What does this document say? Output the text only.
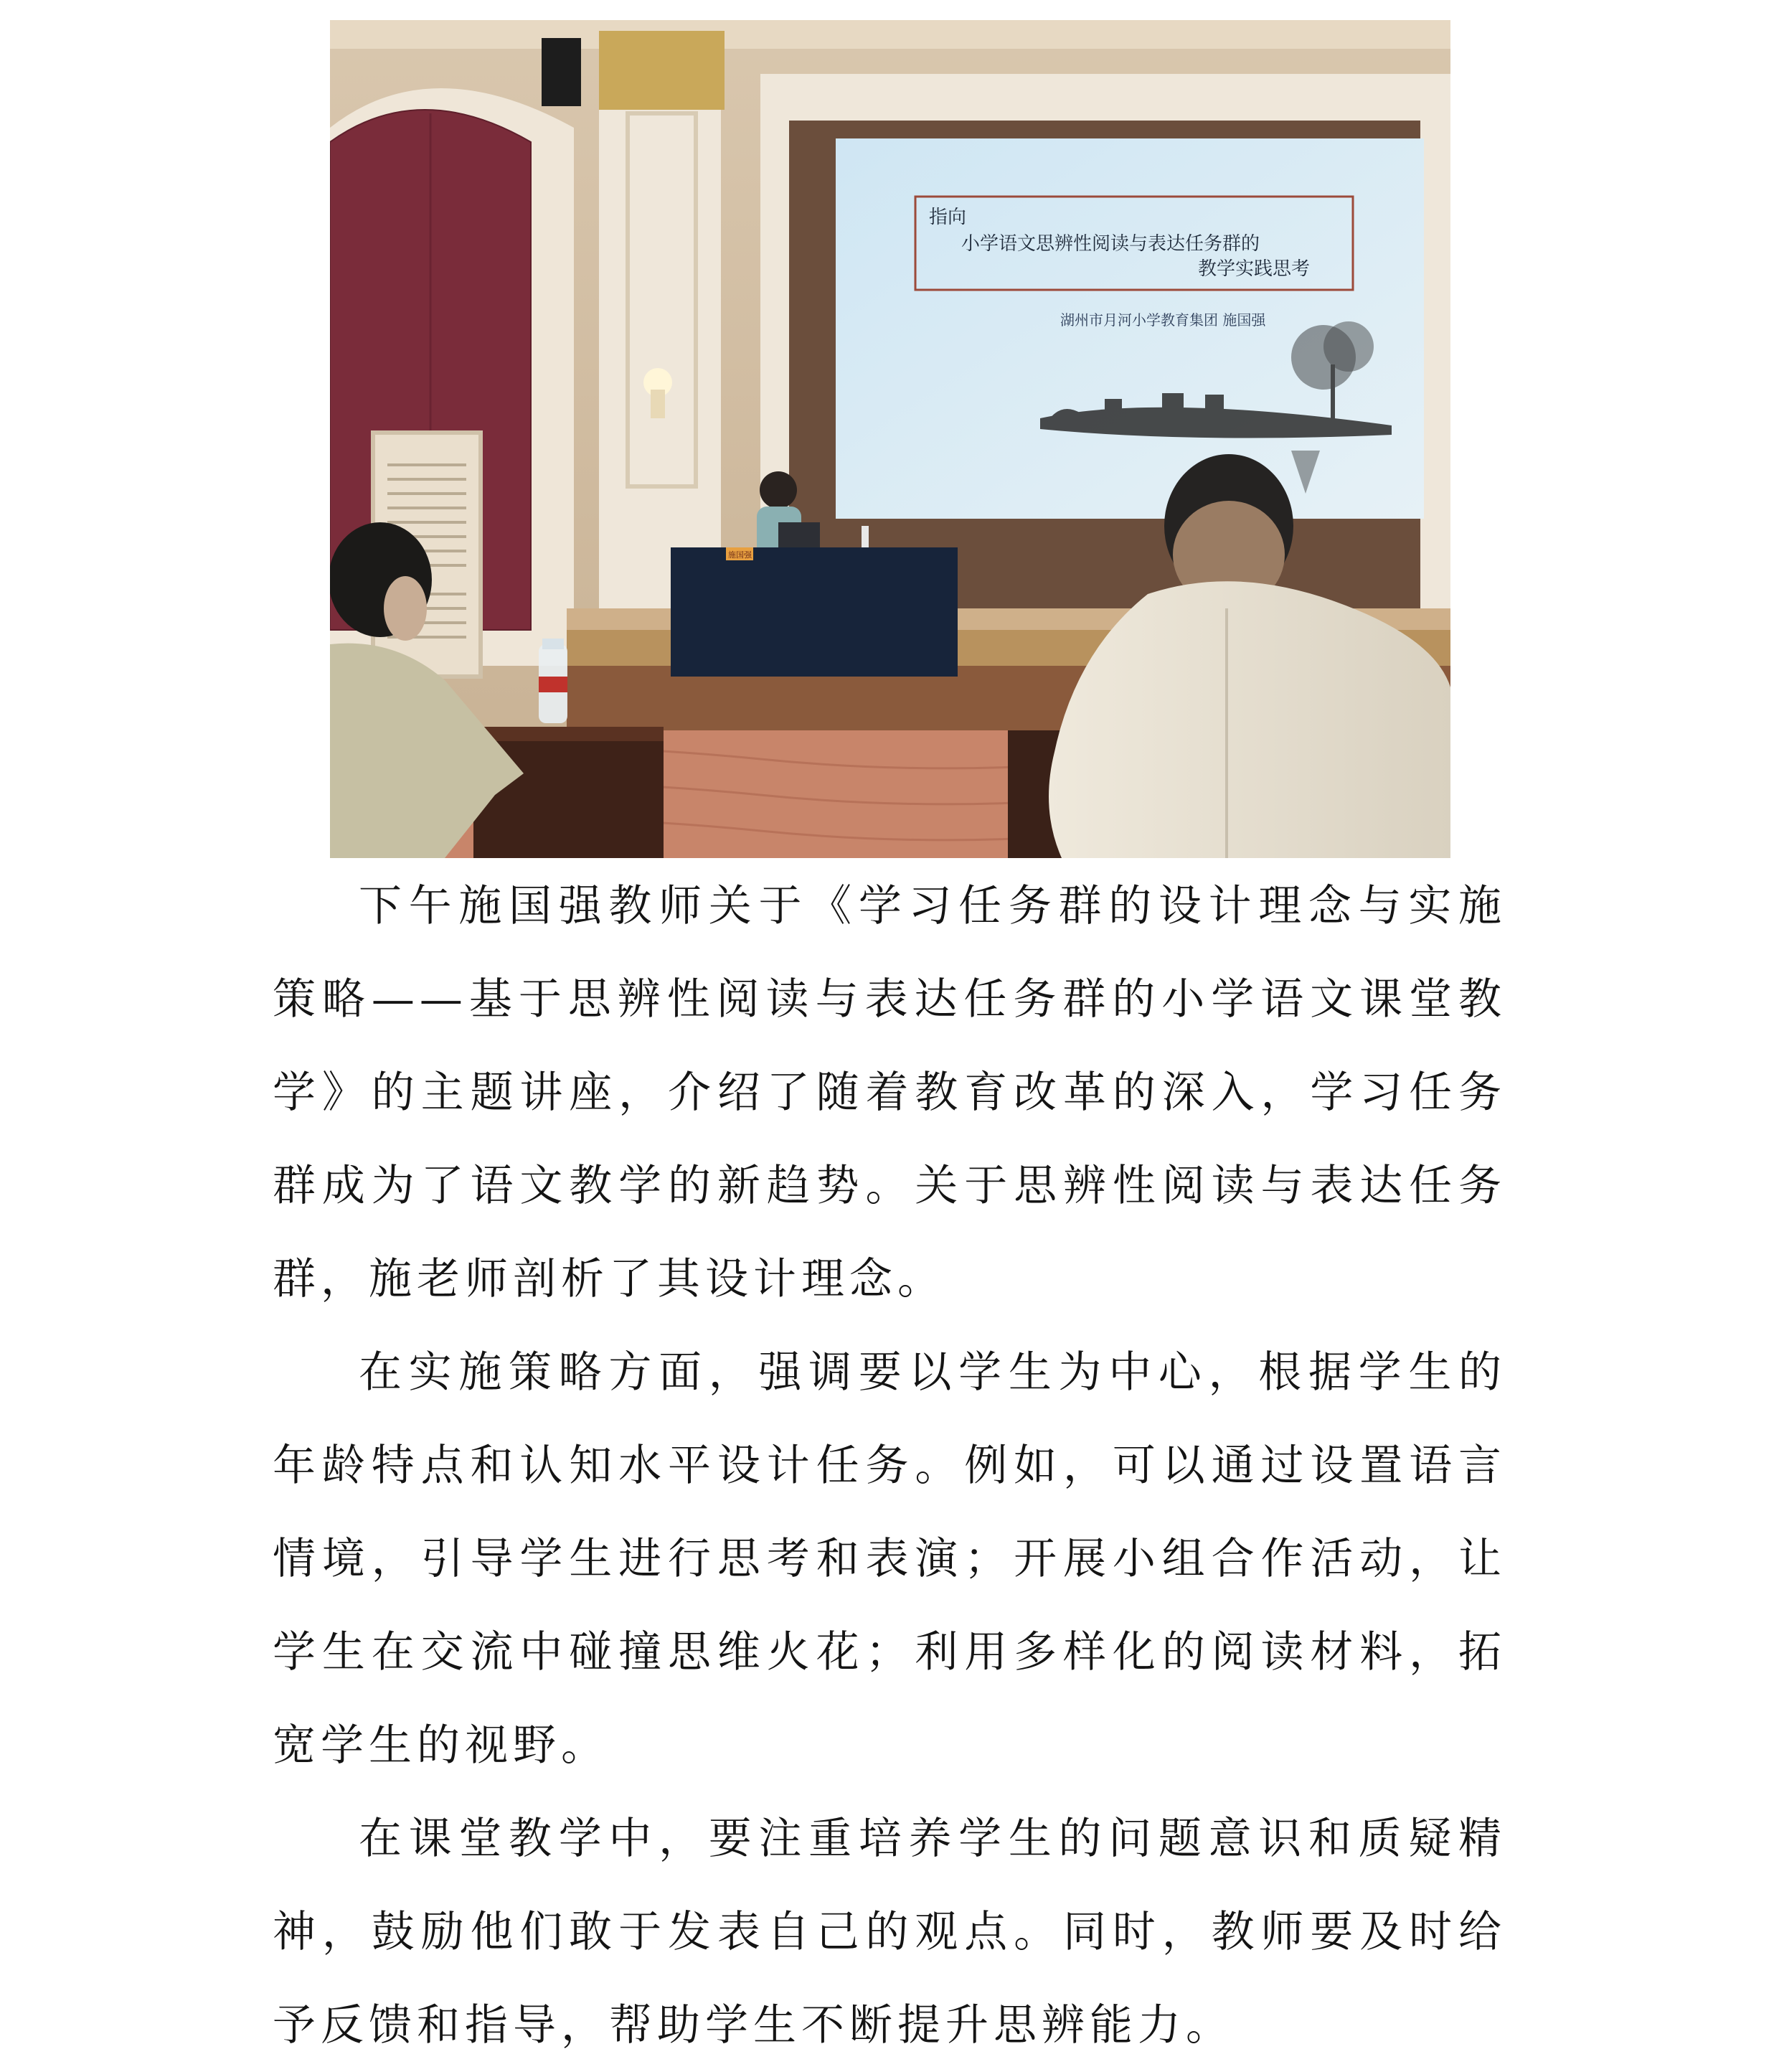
指向
小学语文思辨性阅读与表达任务群的
教学实践思考
湖州市月河小学教育集团 施国强
施国强

下午施国强教师关于《学习任务群的设计理念与实施策略——基于思辨性阅读与表达任务群的小学语文课堂教学》的主题讲座，介绍了随着教育改革的深入，学习任务群成为了语文教学的新趋势。关于思辨性阅读与表达任务群，施老师剖析了其设计理念。

在实施策略方面，强调要以学生为中心，根据学生的年龄特点和认知水平设计任务。例如，可以通过设置语言情境，引导学生进行思考和表演；开展小组合作活动，让学生在交流中碰撞思维火花；利用多样化的阅读材料，拓宽学生的视野。

在课堂教学中，要注重培养学生的问题意识和质疑精神，鼓励他们敢于发表自己的观点。同时，教师要及时给予反馈和指导，帮助学生不断提升思辨能力。
